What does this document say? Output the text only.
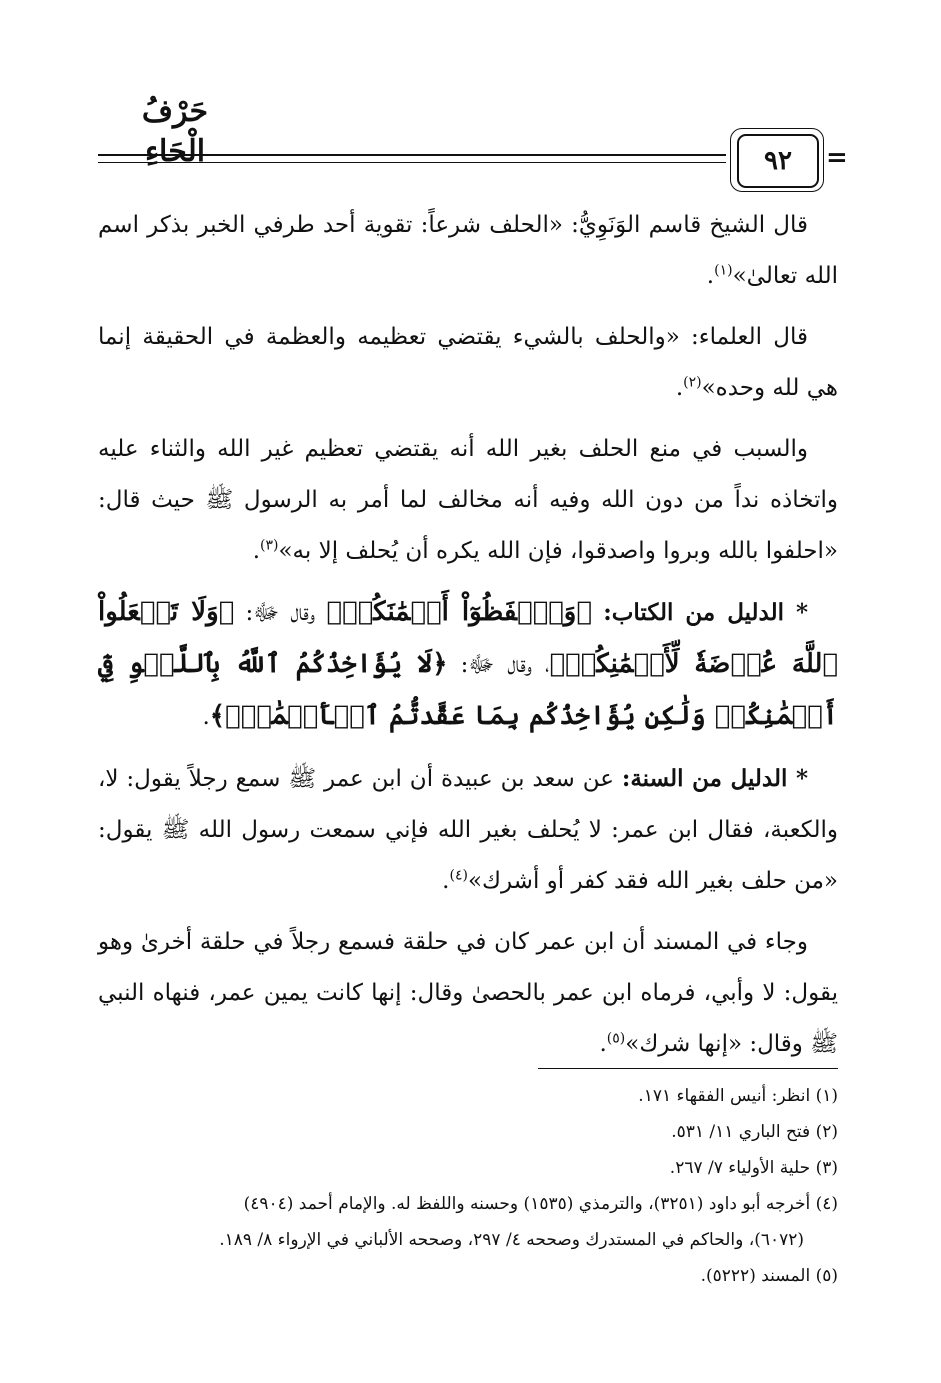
حَرْفُ الْحَاءِ	٩٢	=

قال الشيخ قاسم الوَنَوِيُّ: «الحلف شرعاً: تقوية أحد طرفي الخبر بذكر اسم الله تعالىٰ»$^{(١)}$.

قال العلماء: «والحلف بالشيء يقتضي تعظيمه والعظمة في الحقيقة إنما هي لله وحده»$^{(٢)}$.

والسبب في منع الحلف بغير الله أنه يقتضي تعظيم غير الله والثناء عليه واتخاذه نداً من دون الله وفيه أنه مخالف لما أمر به الرسول ﷺ حيث قال: «احلفوا بالله وبروا واصدقوا، فإن الله يكره أن يُحلف إلا به»$^{(٣)}$.

* الدليل من الكتاب: ﴿وَٱحۡفَظُوٓاْ أَيۡمَٰنَكُمۡ﴾ وقال ﷻ: ﴿وَلَا تَجۡعَلُواْ ٱللَّهَ عُرۡضَةٗ لِّأَيۡمَٰنِكُمۡ﴾، وقال ﷻ: ﴿لَا يُؤَاخِذُكُمُ ٱللَّهُ بِٱللَّغۡوِ فِيٓ أَيۡمَٰنِكُمۡ وَلَٰكِن يُؤَاخِذُكُم بِمَا عَقَّدتُّمُ ٱلۡأَيۡمَٰنَۖ﴾.

* الدليل من السنة: عن سعد بن عبيدة أن ابن عمر ﷺ سمع رجلاً يقول: لا، والكعبة، فقال ابن عمر: لا يُحلف بغير الله فإني سمعت رسول الله ﷺ يقول: «من حلف بغير الله فقد كفر أو أشرك»$^{(٤)}$.

وجاء في المسند أن ابن عمر كان في حلقة فسمع رجلاً في حلقة أخرىٰ وهو يقول: لا وأبي، فرماه ابن عمر بالحصىٰ وقال: إنها كانت يمين عمر، فنهاه النبي ﷺ وقال: «إنها شرك»$^{(٥)}$.

(١) انظر: أنيس الفقهاء ١٧١.
(٢) فتح الباري ١١/ ٥٣١.
(٣) حلية الأولياء ٧/ ٢٦٧.
(٤) أخرجه أبو داود (٣٢٥١)، والترمذي (١٥٣٥) وحسنه واللفظ له. والإمام أحمد (٤٩٠٤)
(٦٠٧٢)، والحاكم في المستدرك وصححه ٤/ ٢٩٧، وصححه الألباني في الإرواء ٨/ ١٨٩.
(٥) المسند (٥٢٢٢).
